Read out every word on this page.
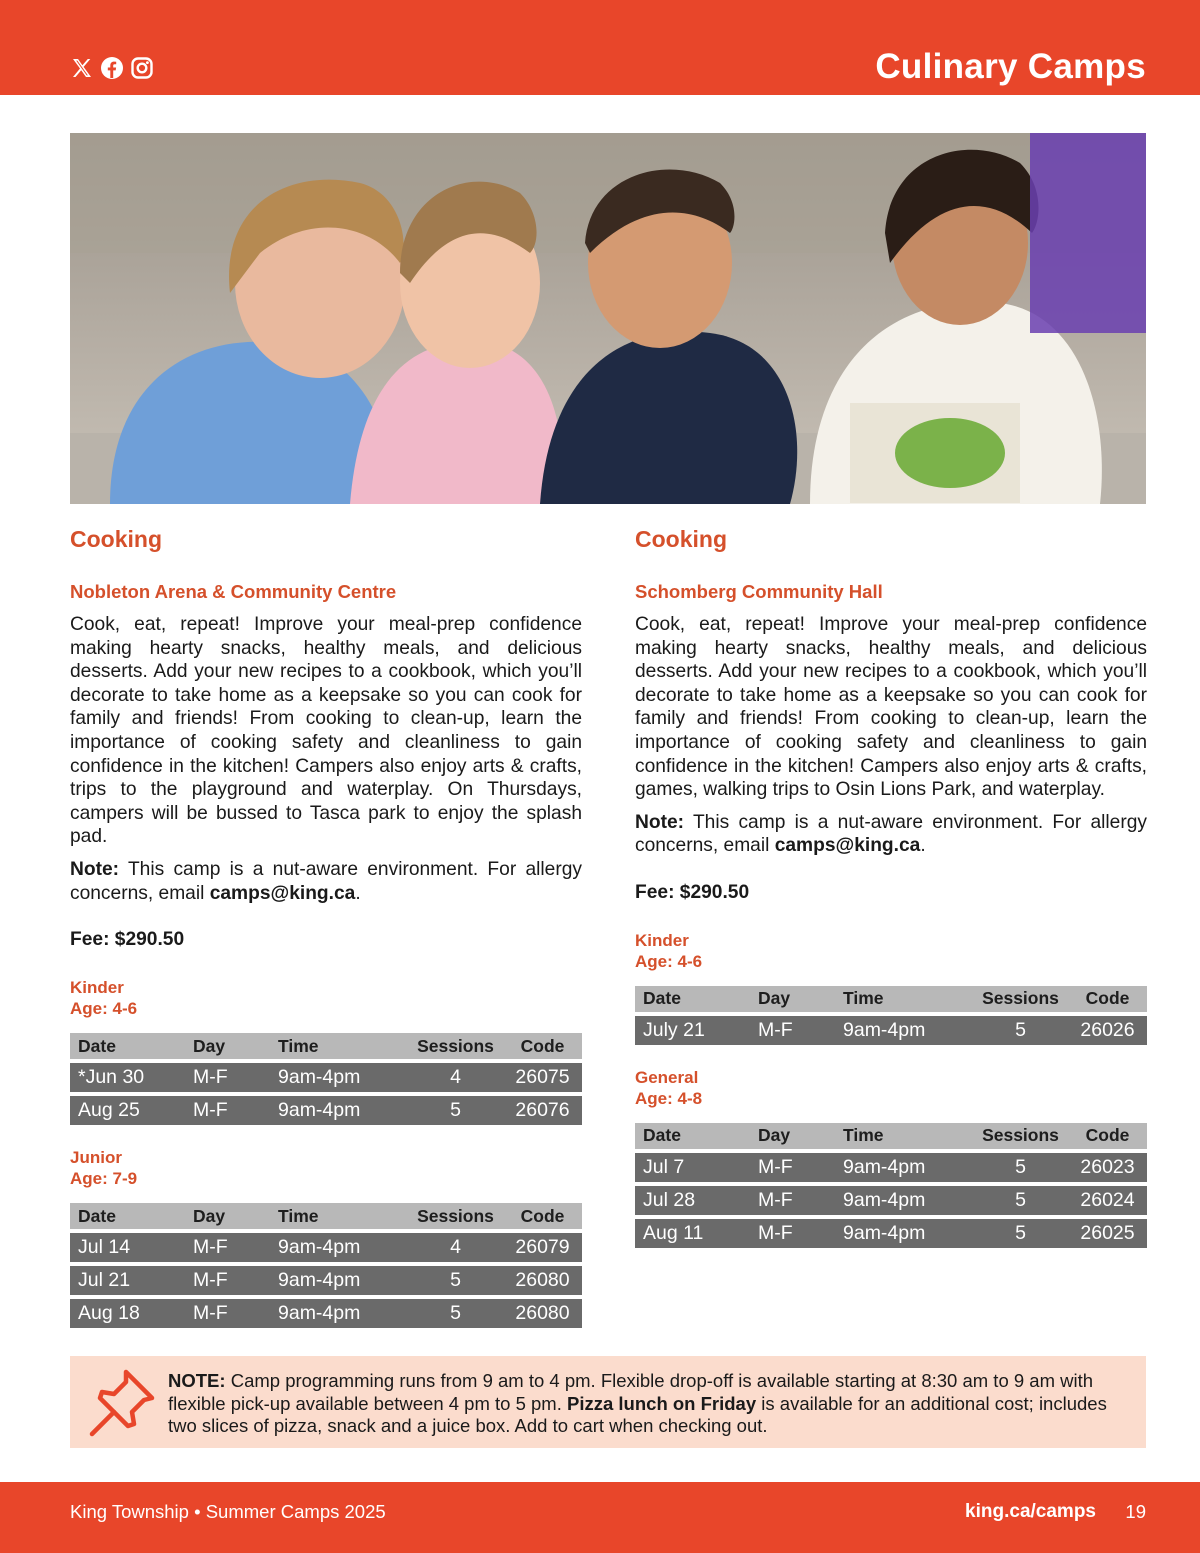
Culinary Camps
Cooking
Nobleton Arena & Community Centre

Cook, eat, repeat! Improve your meal-prep confidence making hearty snacks, healthy meals, and delicious desserts. Add your new recipes to a cookbook, which you’ll decorate to take home as a keepsake so you can cook for family and friends! From cooking to clean-up, learn the importance of cooking safety and cleanliness to gain confidence in the kitchen! Campers also enjoy arts & crafts, trips to the playground and waterplay. On Thursdays, campers will be bussed to Tasca park to enjoy the splash pad.

Note: This camp is a nut-aware environment. For allergy concerns, email camps@king.ca.

Fee: $290.50
Kinder
Age: 4-6
Date	Day	Time	Sessions	Code
*Jun 30	M-F	9am-4pm	4	26075
Aug 25	M-F	9am-4pm	5	26076
Junior
Age: 7-9
Date	Day	Time	Sessions	Code
Jul 14	M-F	9am-4pm	4	26079
Jul 21	M-F	9am-4pm	5	26080
Aug 18	M-F	9am-4pm	5	26080
Cooking
Schomberg Community Hall

Cook, eat, repeat! Improve your meal-prep confidence making hearty snacks, healthy meals, and delicious desserts. Add your new recipes to a cookbook, which you’ll decorate to take home as a keepsake so you can cook for family and friends! From cooking to clean-up, learn the importance of cooking safety and cleanliness to gain confidence in the kitchen! Campers also enjoy arts & crafts, games, walking trips to Osin Lions Park, and waterplay.

Note: This camp is a nut-aware environment. For allergy concerns, email camps@king.ca.

Fee: $290.50
Kinder
Age: 4-6
Date	Day	Time	Sessions	Code
July 21	M-F	9am-4pm	5	26026
General
Age: 4-8
Date	Day	Time	Sessions	Code
Jul 7	M-F	9am-4pm	5	26023
Jul 28	M-F	9am-4pm	5	26024
Aug 11	M-F	9am-4pm	5	26025
NOTE: Camp programming runs from 9 am to 4 pm. Flexible drop-off is available starting at 8:30 am to 9 am with flexible pick-up available between 4 pm to 5 pm. Pizza lunch on Friday is available for an additional cost; includes two slices of pizza, snack and a juice box. Add to cart when checking out.
King Township • Summer Camps 2025	king.ca/camps 19
